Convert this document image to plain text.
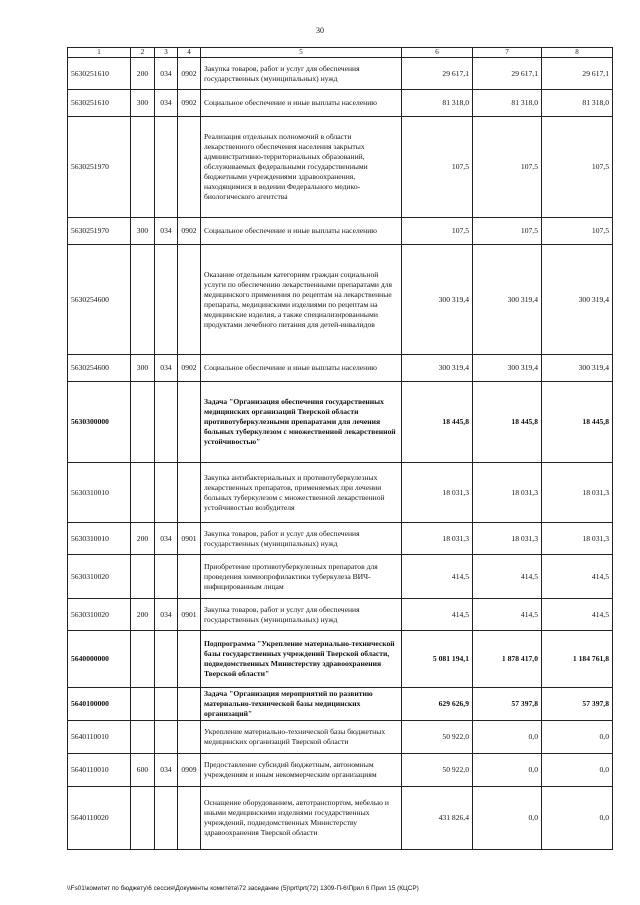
30
1	2	3	4	5	6	7	8
5630251610	200	034	0902	Закупка товаров, работ и услуг для обеспечения государственных (муниципальных) нужд	29 617,1	29 617,1	29 617,1
5630251610	300	034	0902	Социальное обеспечение и иные выплаты населению	81 318,0	81 318,0	81 318,0
5630251970				Реализация отдельных полномочий в области лекарственного обеспечения населения закрытых административно-территориальных образований, обслуживаемых федеральными государственными бюджетными учреждениями здравоохранения, находящимися в ведении Федерального медико-биологического агентства	107,5	107,5	107,5
5630251970	300	034	0902	Социальное обеспечение и иные выплаты населению	107,5	107,5	107,5
5630254600				Оказание отдельным категориям граждан социальной услуги по обеспечению лекарственными препаратами для медицинского применения по рецептам на лекарственные препараты, медицинскими изделиями по рецептам на медицинские изделия, а также специализированными продуктами лечебного питания для детей-инвалидов	300 319,4	300 319,4	300 319,4
5630254600	300	034	0902	Социальное обеспечение и иные выплаты населению	300 319,4	300 319,4	300 319,4
5630300000				Задача "Организация обеспечения государственных медицинских организаций Тверской области противотуберкулезными препаратами для лечения больных туберкулезом с множественной лекарственной устойчивостью"	18 445,8	18 445,8	18 445,8
5630310010				Закупка антибактериальных и противотуберкулезных лекарственных препаратов, применяемых при лечении больных туберкулезом с множественной лекарственной устойчивостью возбудителя	18 031,3	18 031,3	18 031,3
5630310010	200	034	0901	Закупка товаров, работ и услуг для обеспечения государственных (муниципальных) нужд	18 031,3	18 031,3	18 031,3
5630310020				Приобретение противотуберкулезных препаратов для проведения химиопрофилактики туберкулеза ВИЧ-инфицированным лицам	414,5	414,5	414,5
5630310020	200	034	0901	Закупка товаров, работ и услуг для обеспечения государственных (муниципальных) нужд	414,5	414,5	414,5
5640000000				Подпрограмма "Укрепление материально-технической базы государственных учреждений Тверской области, подведомственных Министерству здравоохранения Тверской области"	5 081 194,1	1 878 417,0	1 184 761,8
5640100000				Задача "Организация мероприятий по развитию материально-технической базы медицинских организаций"	629 626,9	57 397,8	57 397,8
5640110010				Укрепление материально-технической базы бюджетных медицинских организаций Тверской области	50 922,0	0,0	0,0
5640110010	600	034	0909	Предоставление субсидий бюджетным, автономным учреждениям и иным некоммерческим организациям	50 922,0	0,0	0,0
5640110020				Оснащение оборудованием, автотранспортом, мебелью и иными медицинскими изделиями государственных учреждений, подведомственных Министерству здравоохранения Тверской области	431 826,4	0,0	0,0
\\Fs01\комитет по бюджету\6 сессия\Документы комитета\72 заседание (5)\prt\prt(72) 1309-П-6\Прил 6 Прил 15 (КЦСР)
